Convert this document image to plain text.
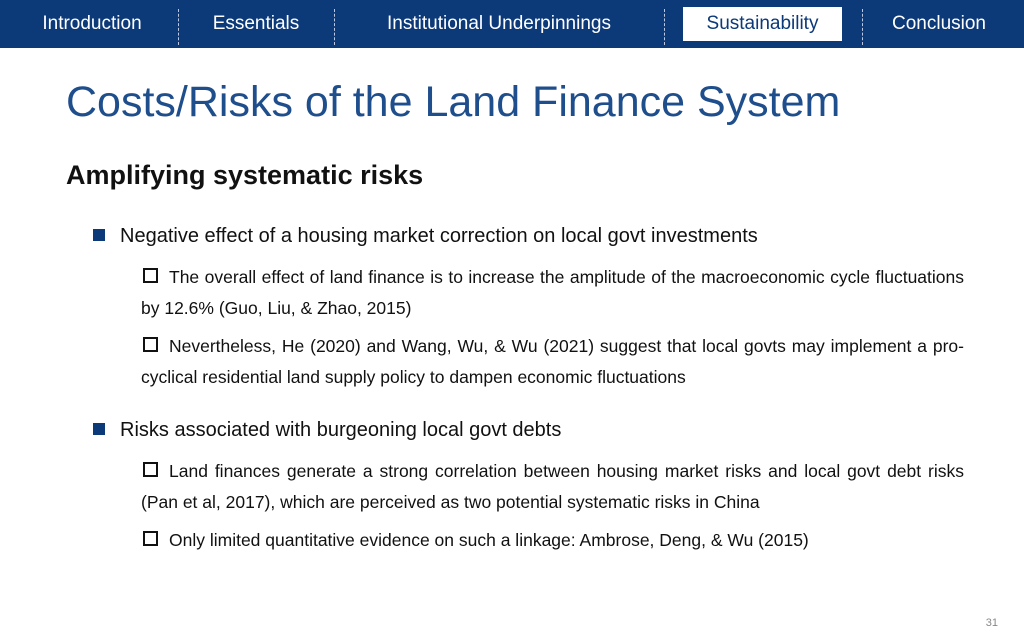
Introduction	Essentials	Institutional Underpinnings	Sustainability	Conclusion
Costs/Risks of the Land Finance System
Amplifying systematic risks
Negative effect of a housing market correction on local govt investments
The overall effect of land finance is to increase the amplitude of the macroeconomic cycle fluctuations by 12.6% (Guo, Liu, & Zhao, 2015)
Nevertheless, He (2020) and Wang, Wu, & Wu (2021) suggest that local govts may implement a pro-cyclical residential land supply policy to dampen economic fluctuations
Risks associated with burgeoning local govt debts
Land finances generate a strong correlation between housing market risks and local govt debt risks (Pan et al, 2017), which are perceived as two potential systematic risks in China
Only limited quantitative evidence on such a linkage: Ambrose, Deng, & Wu (2015)
31
